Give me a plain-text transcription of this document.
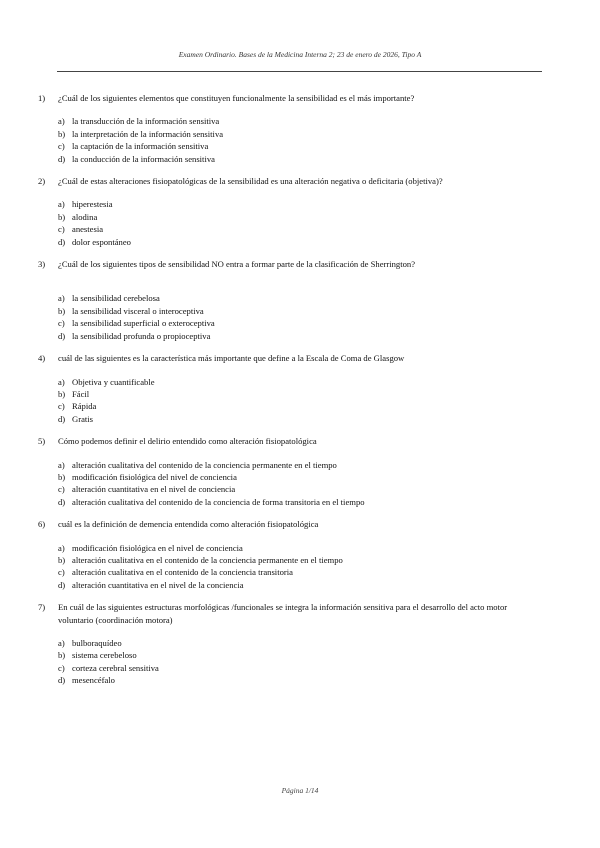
Examen Ordinario. Bases de la Medicina Interna 2; 23 de enero de 2026, Tipo A
1)	¿Cuál de los siguientes elementos que constituyen funcionalmente la sensibilidad es el más importante?
a) la transducción de la información sensitiva
b) la interpretación de la información sensitiva
c) la captación de la información sensitiva
d) la conducción de la información sensitiva
2)	¿Cuál de estas alteraciones fisiopatológicas de la sensibilidad es una alteración negativa o deficitaria (objetiva)?
a) hiperestesia
b) alodina
c) anestesia
d) dolor espontáneo
3)	¿Cuál de los siguientes tipos de sensibilidad NO entra a formar parte de la clasificación de Sherrington?
a) la sensibilidad cerebelosa
b) la sensibilidad visceral o interoceptiva
c) la sensibilidad superficial o exteroceptiva
d) la sensibilidad profunda o propioceptiva
4)	cuál de las siguientes es la característica más importante que define a la Escala de Coma de Glasgow
a) Objetiva y cuantificable
b) Fácil
c) Rápida
d) Gratis
5)	Cómo podemos definir el delirio entendido como alteración fisiopatológica
a) alteración cualitativa del contenido de la conciencia permanente en el tiempo
b) modificación fisiológica del nivel de conciencia
c) alteración cuantitativa en el nivel de conciencia
d) alteración cualitativa del contenido de la conciencia de forma transitoria en el tiempo
6)	cuál es la definición de demencia entendida como alteración fisiopatológica
a) modificación fisiológica en el nivel de conciencia
b) alteración cualitativa en el contenido de la conciencia permanente en el tiempo
c) alteración cualitativa en el contenido de la conciencia transitoria
d) alteración cuantitativa en el nivel de la conciencia
7)	En cuál de las siguientes estructuras morfológicas /funcionales se integra la información sensitiva para el desarrollo del acto motor voluntario (coordinación motora)
a) bulboraquídeo
b) sistema cerebeloso
c) corteza cerebral sensitiva
d) mesencéfalo
Página 1/14
